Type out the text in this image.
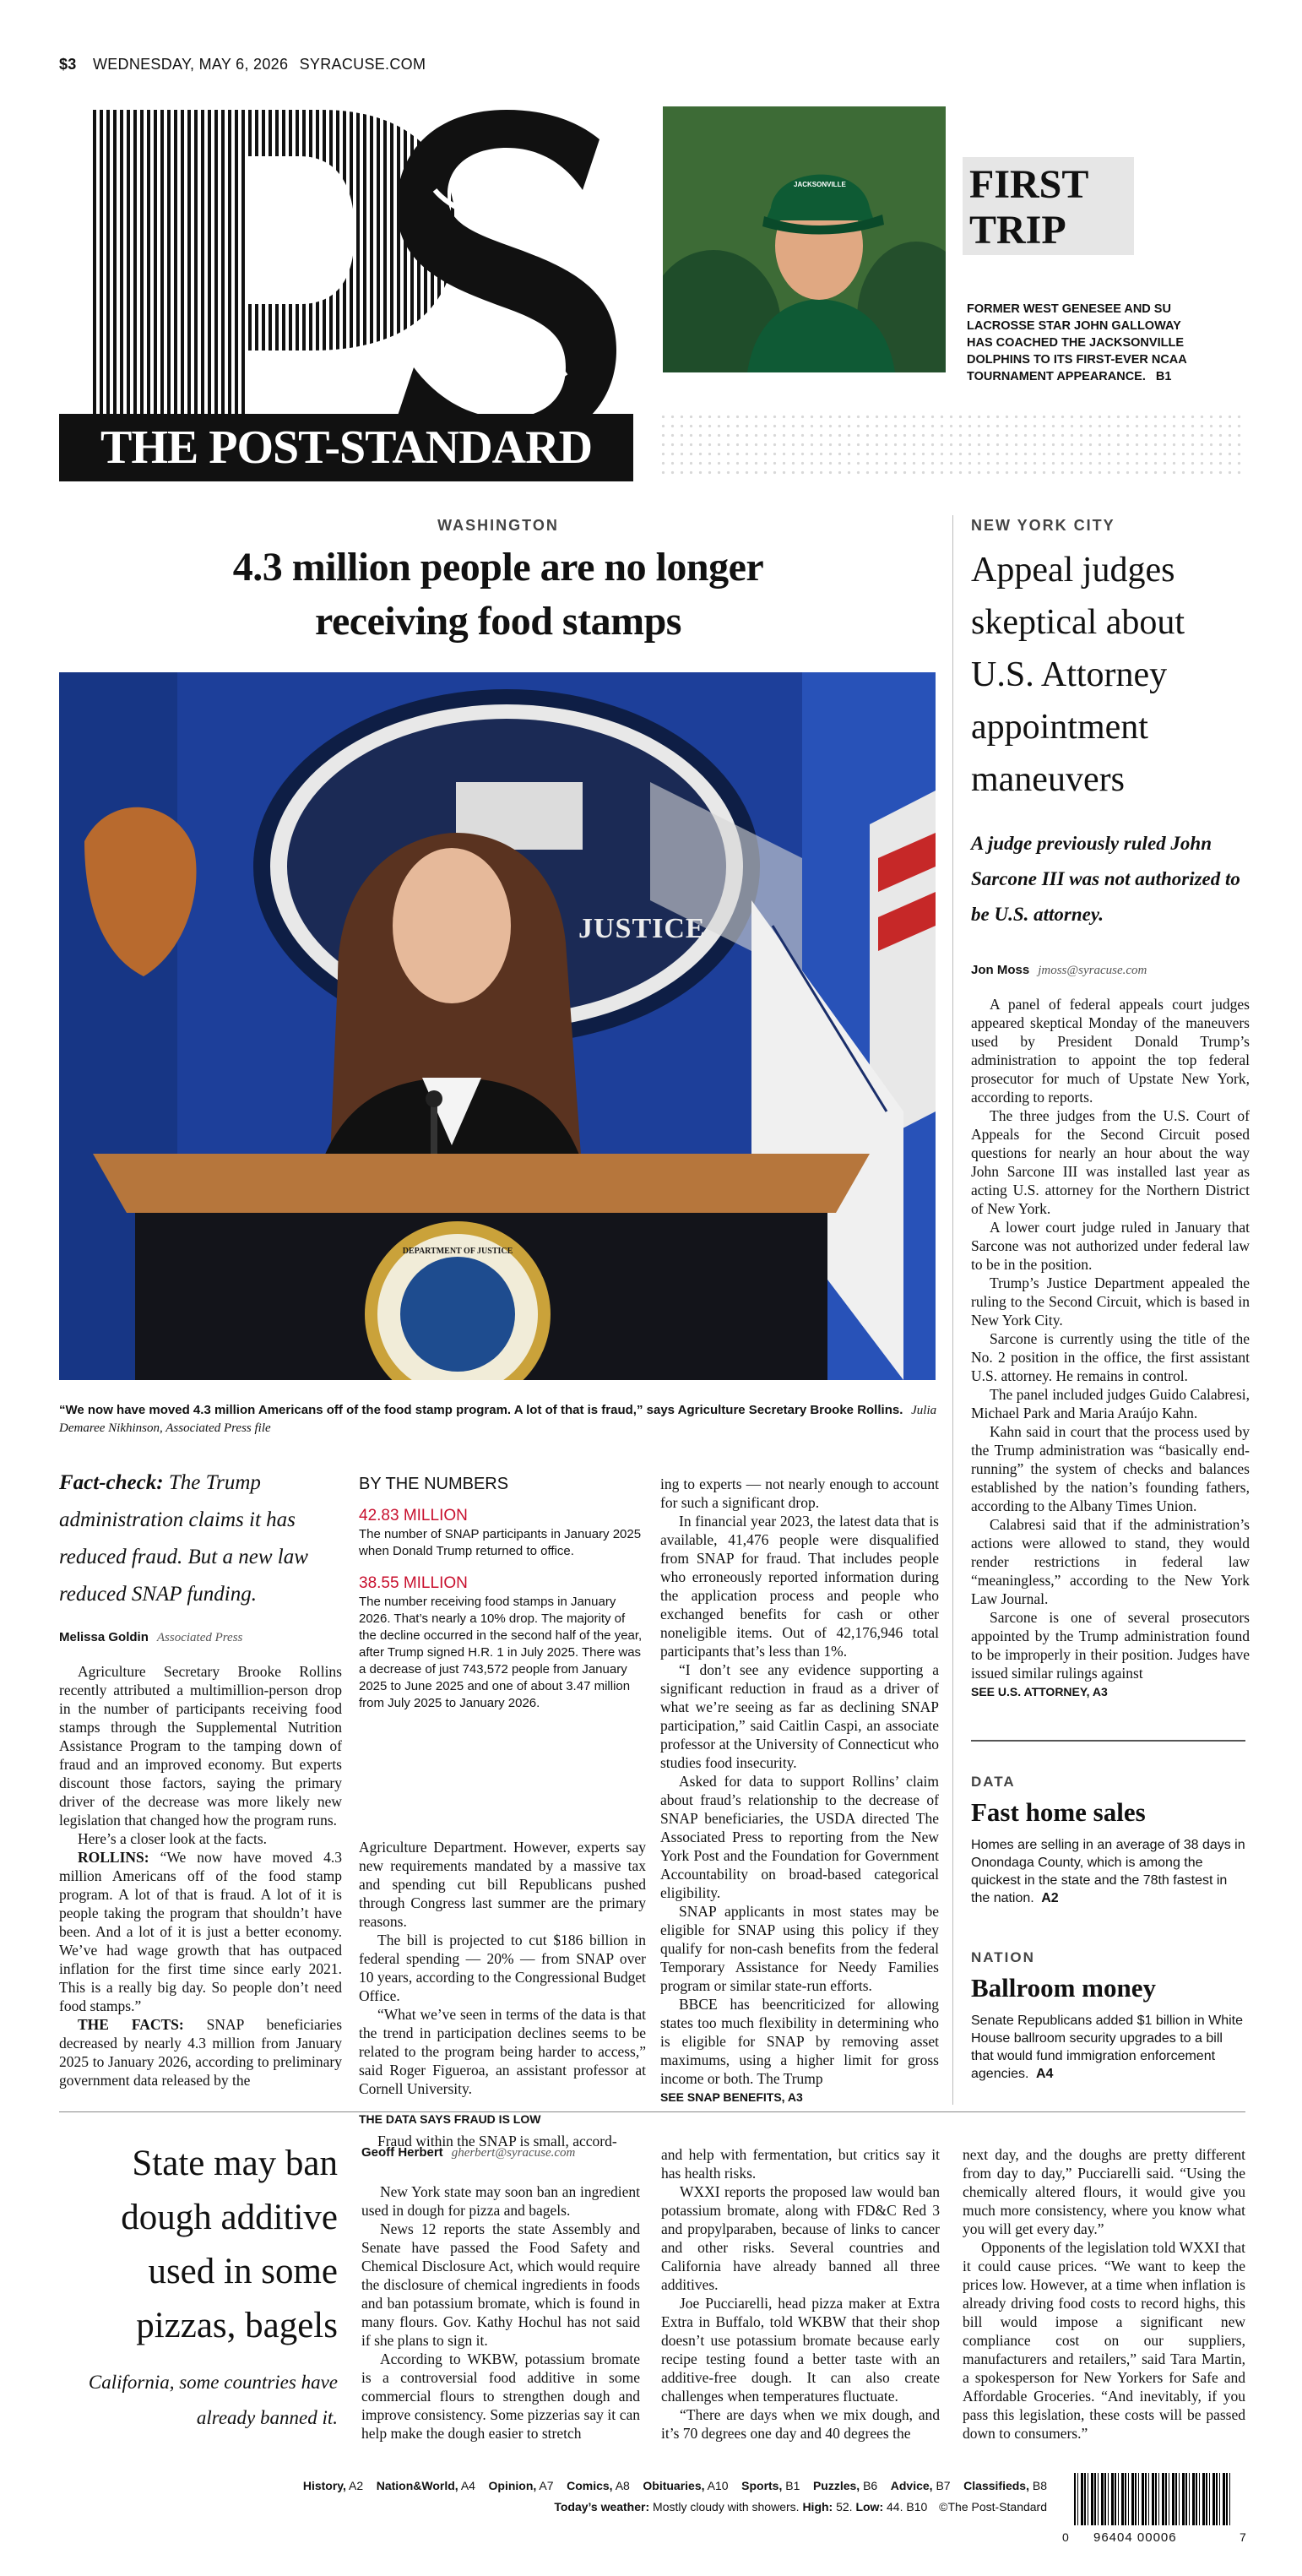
$3 WEDNESDAY, MAY 6, 2026 SYRACUSE.COM
THE POST-STANDARD
JACKSONVILLE	FIRST
TRIP
FORMER WEST GENESEE AND SU LACROSSE STAR JOHN GALLOWAY HAS COACHED THE JACKSONVILLE DOLPHINS TO ITS FIRST-EVER NCAA TOURNAMENT APPEARANCE. B1
WASHINGTON
4.3 million people are no longer
receiving food stamps
JUSTICE
DEPARTMENT OF JUSTICE
“We now have moved 4.3 million Americans off of the food stamp program. A lot of that is fraud,” says Agriculture Secretary Brooke Rollins. Julia Demaree Nikhinson, Associated Press file
Fact-check: The Trump administration claims it has reduced fraud. But a new law reduced SNAP funding.
Melissa Goldin Associated Press

Agriculture Secretary Brooke Rollins recently attributed a multimillion-person drop in the number of participants receiving food stamps through the Supplemental Nutrition Assistance Program to the tamping down of fraud and an improved economy. But experts discount those factors, saying the primary driver of the decrease was more likely new legislation that changed how the program runs.

Here’s a closer look at the facts.

ROLLINS: “We now have moved 4.3 million Americans off of the food stamp program. A lot of that is fraud. A lot of it is people taking the program that shouldn’t have been. And a lot of it is just a better economy. We’ve had wage growth that has outpaced inflation for the first time since early 2021. This is a really big day. So people don’t need food stamps.”

THE FACTS: SNAP beneficiaries decreased by nearly 4.3 million from January 2025 to January 2026, according to preliminary government data released by the

BY THE NUMBERS
42.83 MILLION
The number of SNAP participants in January 2025 when Donald Trump returned to office.
38.55 MILLION
The number receiving food stamps in January 2026. That’s nearly a 10% drop. The majority of the decline occurred in the second half of the year, after Trump signed H.R. 1 in July 2025. There was a decrease of just 743,572 people from January 2025 to June 2025 and one of about 3.47 million from July 2025 to January 2026.

Agriculture Department. However, experts say new requirements mandated by a massive tax and spending cut bill Republicans pushed through Congress last summer are the primary reasons.

The bill is projected to cut $186 billion in federal spending — 20% — from SNAP over 10 years, according to the Congressional Budget Office.

“What we’ve seen in terms of the data is that the trend in participation declines seems to be related to the program being harder to access,” said Roger Figueroa, an assistant professor at Cornell University.

THE DATA SAYS FRAUD IS LOW

Fraud within the SNAP is small, accord-

ing to experts — not nearly enough to account for such a significant drop.

In financial year 2023, the latest data that is available, 41,476 people were disqualified from SNAP for fraud. That includes people who erroneously reported information during the application process and people who exchanged benefits for cash or other noneligible items. Out of 42,176,946 total participants that’s less than 1%.

“I don’t see any evidence supporting a significant reduction in fraud as a driver of what we’re seeing as far as declining SNAP participation,” said Caitlin Caspi, an associate professor at the University of Connecticut who studies food insecurity.

Asked for data to support Rollins’ claim about fraud’s relationship to the decrease of SNAP beneficiaries, the USDA directed The Associated Press to reporting from the New York Post and the Foundation for Government Accountability on broad-based categorical eligibility.

SNAP applicants in most states may be eligible for SNAP using this policy if they qualify for non-cash benefits from the federal Temporary Assistance for Needy Families program or similar state-run efforts.

BBCE has beencriticized for allowing states too much flexibility in determining who is eligible for SNAP by removing asset maximums, using a higher limit for gross income or both. The Trump

SEE SNAP BENEFITS, A3
NEW YORK CITY
Appeal judges skeptical about U.S. Attorney appointment maneuvers
A judge previously ruled John Sarcone III was not authorized to be U.S. attorney.
Jon Moss jmoss@syracuse.com

A panel of federal appeals court judges appeared skeptical Monday of the maneuvers used by President Donald Trump’s administration to appoint the top federal prosecutor for much of Upstate New York, according to reports.

The three judges from the U.S. Court of Appeals for the Second Circuit posed questions for nearly an hour about the way John Sarcone III was installed last year as acting U.S. attorney for the Northern District of New York.

A lower court judge ruled in January that Sarcone was not authorized under federal law to be in the position.

Trump’s Justice Department appealed the ruling to the Second Circuit, which is based in New York City.

Sarcone is currently using the title of the No. 2 position in the office, the first assistant U.S. attorney. He remains in control.

The panel included judges Guido Calabresi, Michael Park and Maria Araújo Kahn.

Kahn said in court that the process used by the Trump administration was “basically end-running” the system of checks and balances established by the nation’s founding fathers, according to the Albany Times Union.

Calabresi said that if the administration’s actions were allowed to stand, they would render restrictions in federal law “meaningless,” according to the New York Law Journal.

Sarcone is one of several prosecutors appointed by the Trump administration found to be improperly in their position. Judges have issued similar rulings against

SEE U.S. ATTORNEY, A3
DATA
Fast home sales
Homes are selling in an average of 38 days in Onondaga County, which is among the quickest in the state and the 78th fastest in the nation. A2
NATION
Ballroom money
Senate Republicans added $1 billion in White House ballroom security upgrades to a bill that would fund immigration enforcement agencies. A4
State may ban dough additive used in some pizzas, bagels
California, some countries have already banned it.
Geoff Herbert gherbert@syracuse.com

New York state may soon ban an ingredient used in dough for pizza and bagels.

News 12 reports the state Assembly and Senate have passed the Food Safety and Chemical Disclosure Act, which would require the disclosure of chemical ingredients in foods and ban potassium bromate, which is found in many flours. Gov. Kathy Hochul has not said if she plans to sign it.

According to WKBW, potassium bromate is a controversial food additive in some commercial flours to strengthen dough and improve consistency. Some pizzerias say it can help make the dough easier to stretch

and help with fermentation, but critics say it has health risks.

WXXI reports the proposed law would ban potassium bromate, along with FD&C Red 3 and propylparaben, because of links to cancer and other risks. Several countries and California have already banned all three additives.

Joe Pucciarelli, head pizza maker at Extra Extra in Buffalo, told WKBW that their shop doesn’t use potassium bromate because early recipe testing found a better taste with an additive-free dough. It can also create challenges when temperatures fluctuate.

“There are days when we mix dough, and it’s 70 degrees one day and 40 degrees the

next day, and the doughs are pretty different from day to day,” Pucciarelli said. “Using the chemically altered flours, it would give you much more consistency, where you know what you will get every day.”

Opponents of the legislation told WXXI that it could cause prices. “We want to keep the prices low. However, at a time when inflation is already driving food costs to record highs, this bill would impose a significant new compliance cost on our suppliers, manufacturers and retailers,” said Tara Martin, a spokesperson for New Yorkers for Safe and Affordable Groceries. “And inevitably, if you pass this legislation, these costs will be passed down to consumers.”

History, A2 Nation&World, A4 Opinion, A7 Comics, A8 Obituaries, A10 Sports, B1 Puzzles, B6 Advice, B7 Classifieds, B8
Today’s weather: Mostly cloudy with showers. High: 52. Low: 44. B10 ©The Post-Standard
0 96404 00006	7
